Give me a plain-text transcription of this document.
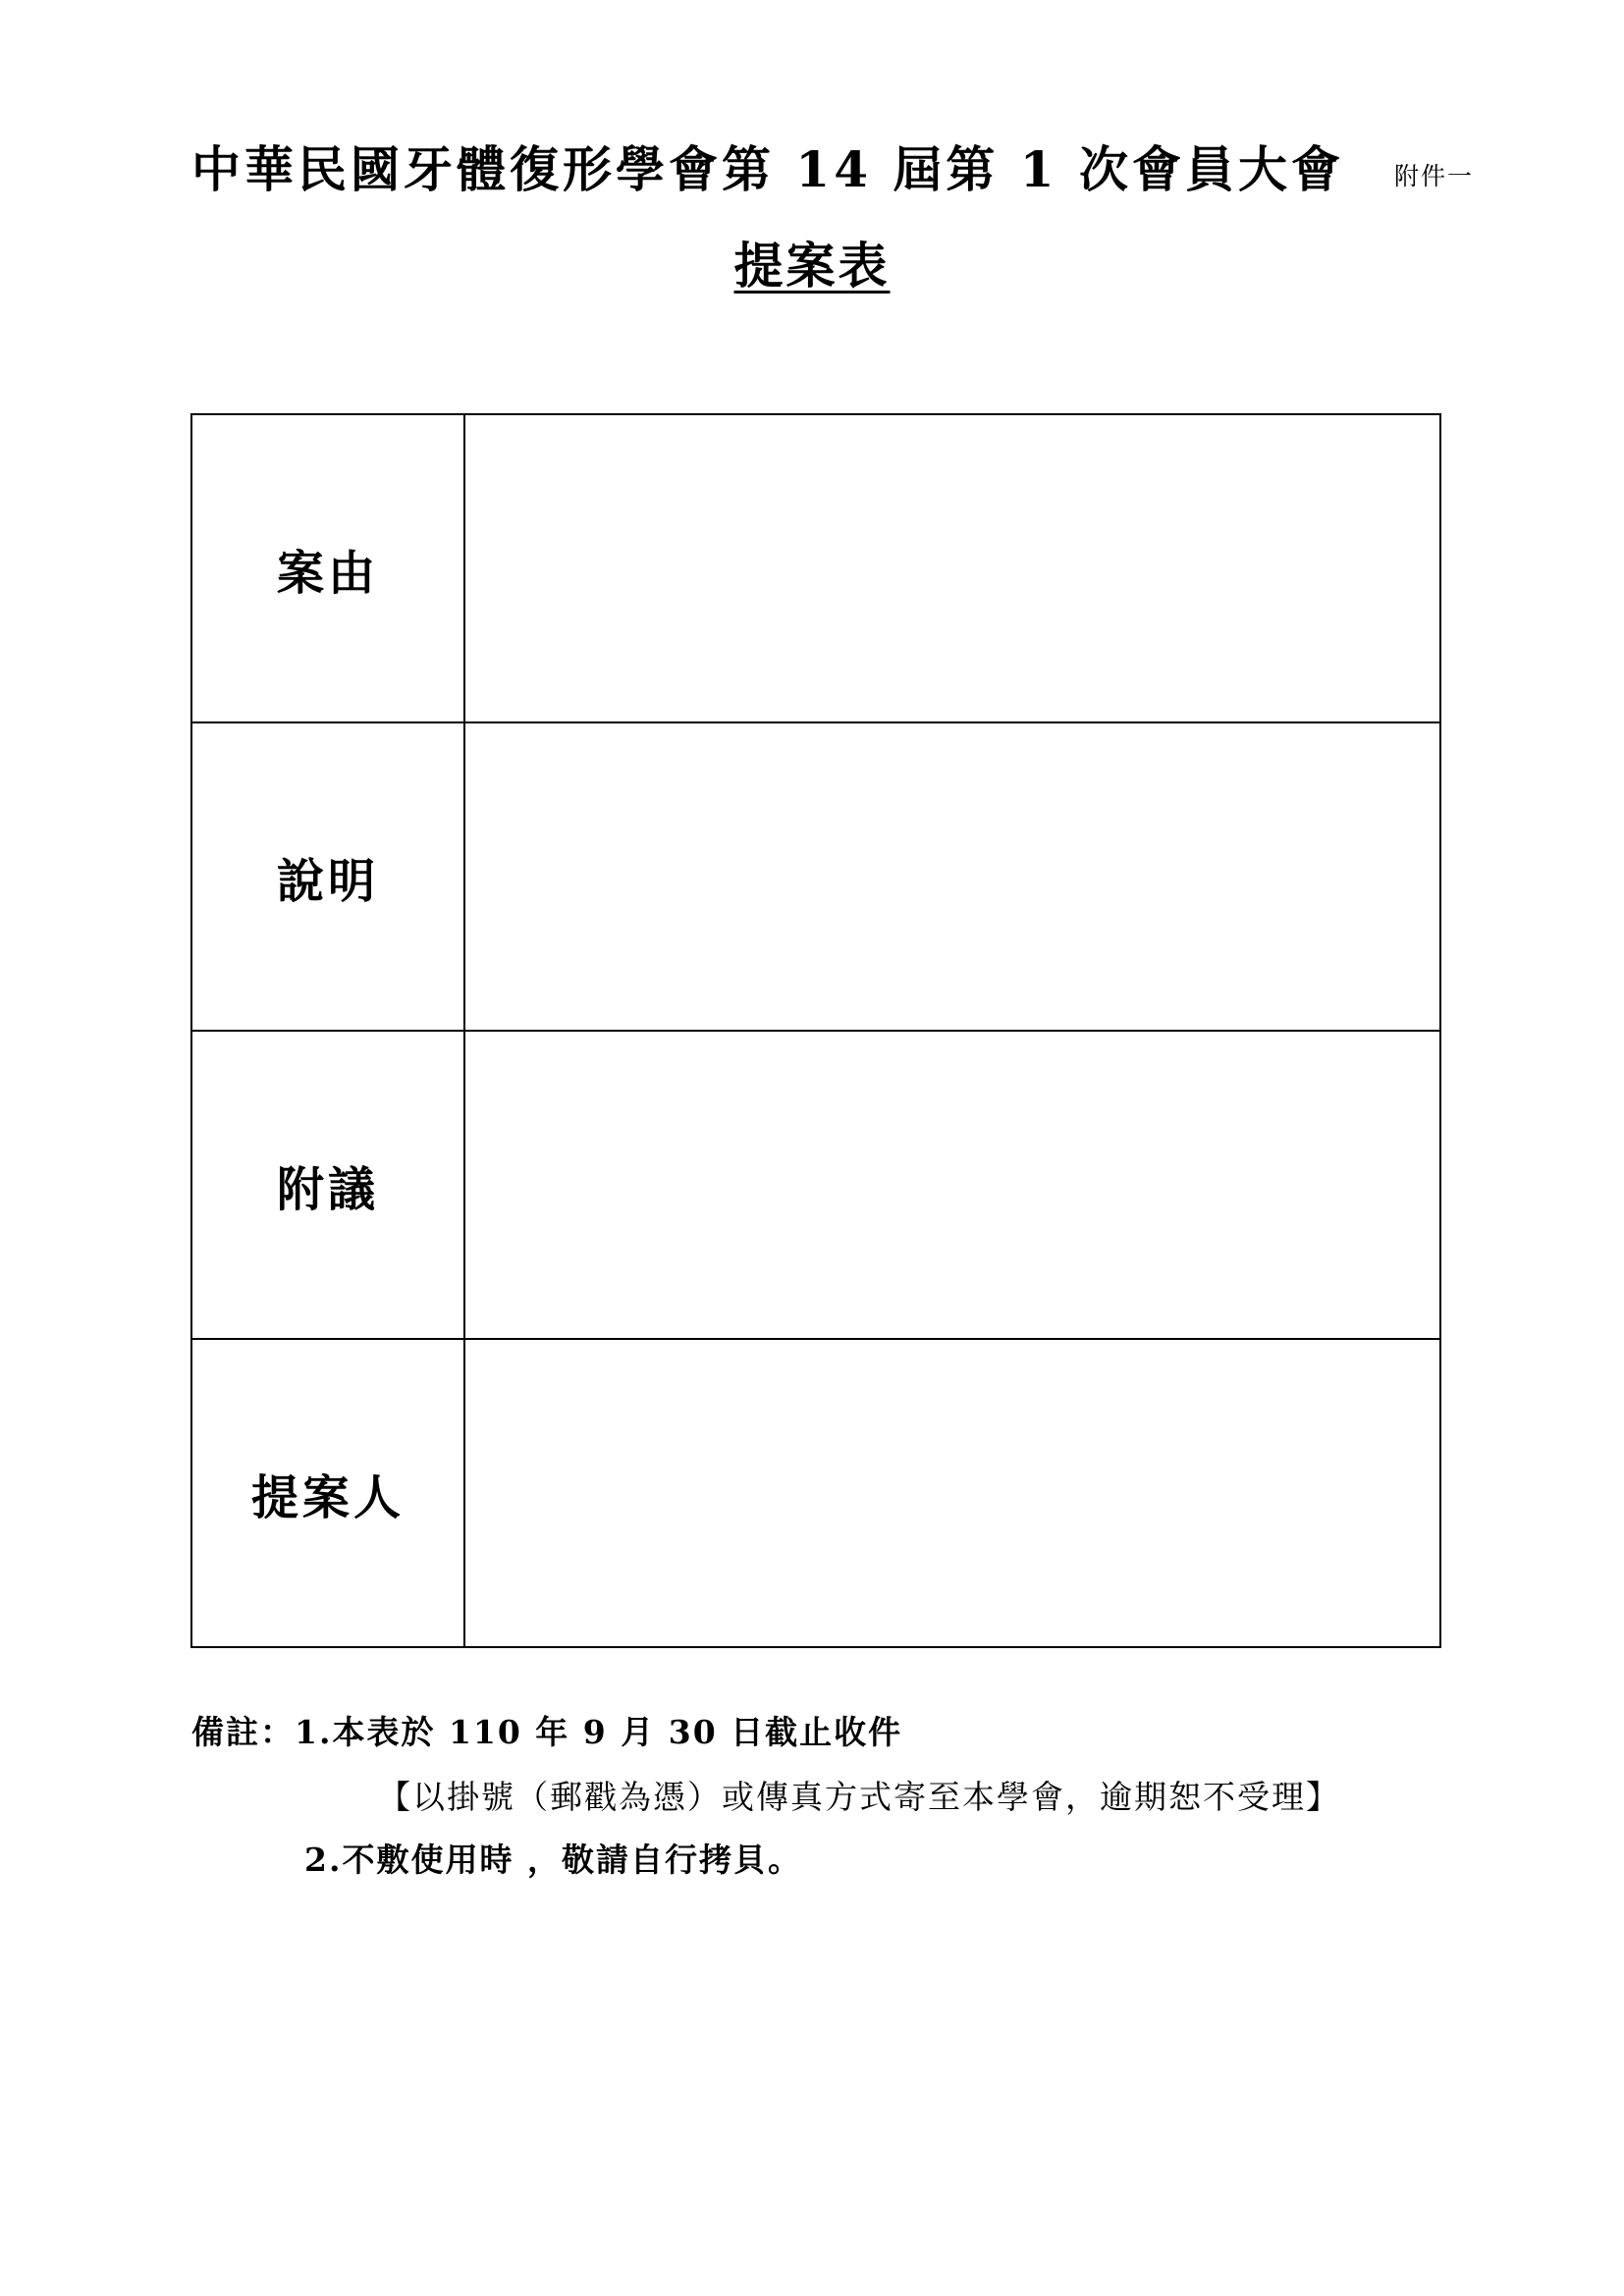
中華民國牙體復形學會第 14 屆第 1 次會員大會 附件一
提案表
案由	
說明	
附議	
提案人	
備註：1.本表於 110 年 9 月 30 日截止收件
【以掛號（郵戳為憑）或傳真方式寄至本學會，逾期恕不受理】
2.不敷使用時 ，敬請自行拷貝。
